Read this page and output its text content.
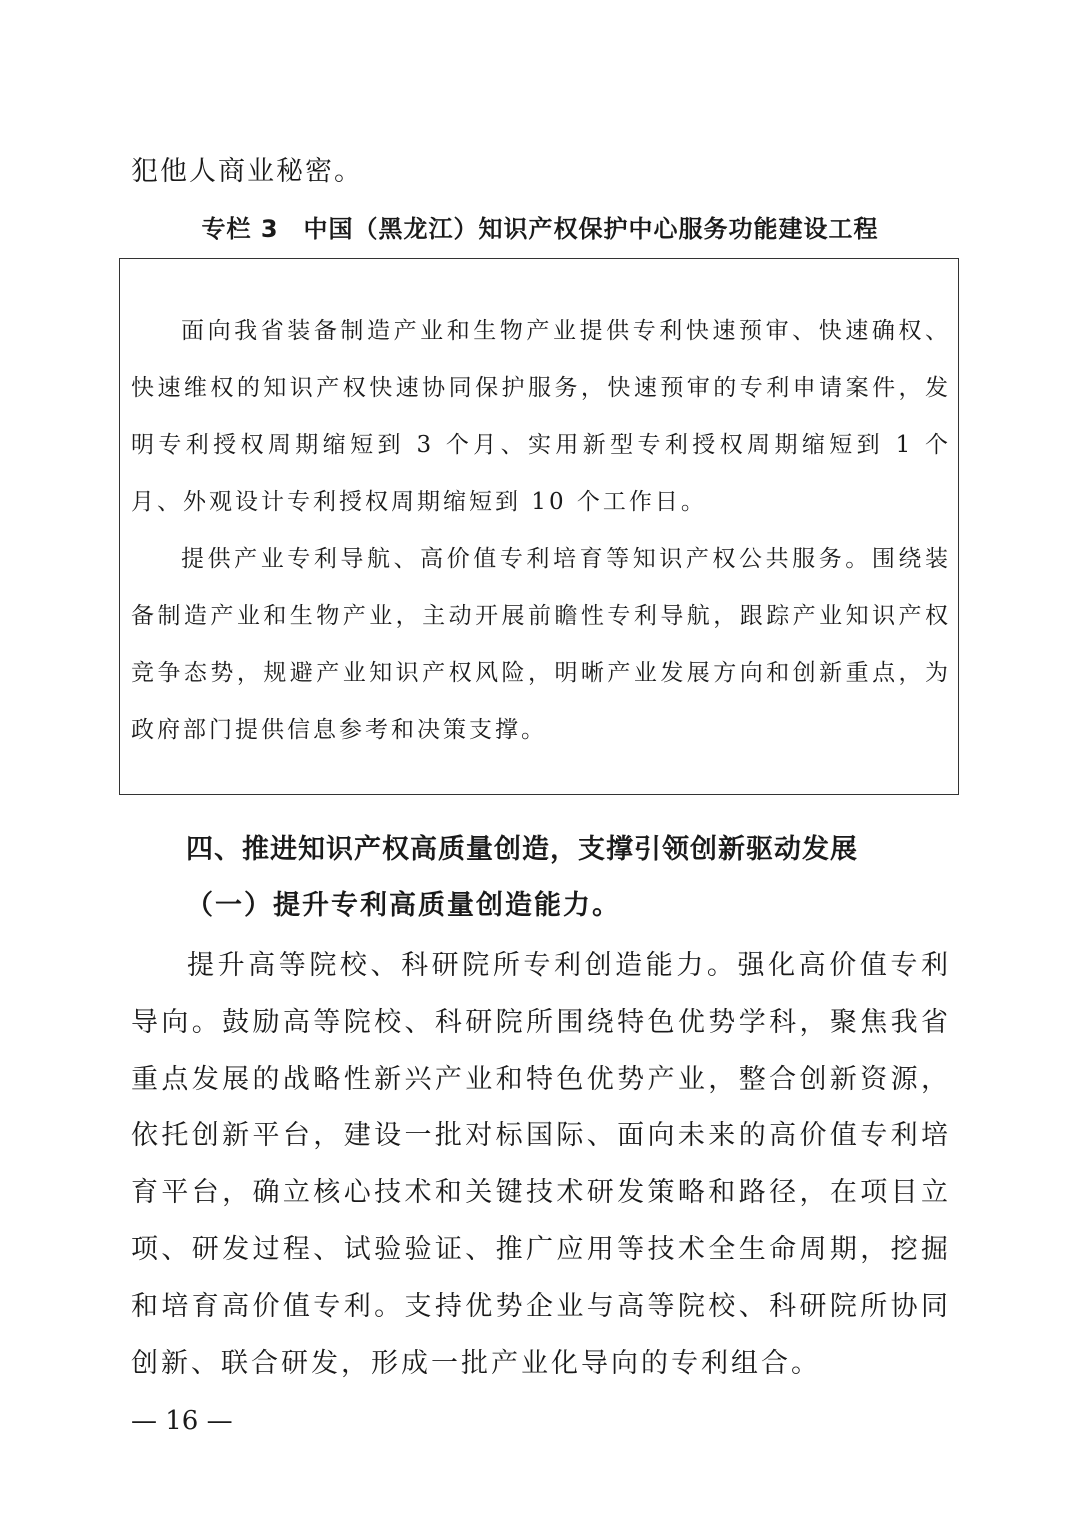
犯他人商业秘密。
专栏 3　中国（黑龙江）知识产权保护中心服务功能建设工程
面向我省装备制造产业和生物产业提供专利快速预审、快速确权、快速维权的知识产权快速协同保护服务，快速预审的专利申请案件，发明专利授权周期缩短到 3 个月、实用新型专利授权周期缩短到 1 个月、外观设计专利授权周期缩短到 10 个工作日。
提供产业专利导航、高价值专利培育等知识产权公共服务。围绕装备制造产业和生物产业，主动开展前瞻性专利导航，跟踪产业知识产权竞争态势，规避产业知识产权风险，明晰产业发展方向和创新重点，为政府部门提供信息参考和决策支撑。
四、推进知识产权高质量创造，支撑引领创新驱动发展
（一）提升专利高质量创造能力。
提升高等院校、科研院所专利创造能力。强化高价值专利导向。鼓励高等院校、科研院所围绕特色优势学科，聚焦我省重点发展的战略性新兴产业和特色优势产业，整合创新资源，依托创新平台，建设一批对标国际、面向未来的高价值专利培育平台，确立核心技术和关键技术研发策略和路径，在项目立项、研发过程、试验验证、推广应用等技术全生命周期，挖掘和培育高价值专利。支持优势企业与高等院校、科研院所协同创新、联合研发，形成一批产业化导向的专利组合。
— 16 —
